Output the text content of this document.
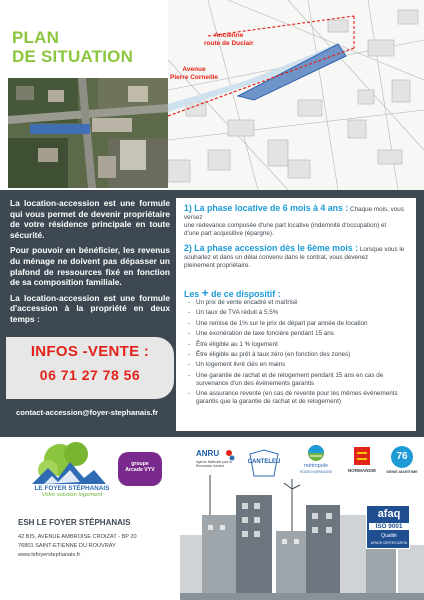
PLAN
DE SITUATION
Ancienne
route de Duclair
Avenue
Pierre Corneille

La location-accession est une formule qui vous permet de devenir propriétaire de votre résidence principale en toute sécurité.

Pour pouvoir en bénéficier, les revenus du ménage ne doivent pas dépasser un plafond de ressources fixé en fonction de sa composition familiale.

La location-accession est une formule d'accession à la propriété en deux temps :

INFOS -VENTE :
06 71 27 78 56
contact-accession@foyer-stephanais.fr
1) La phase locative de 6 mois à 4 ans : Chaque mois, vous versez
une redevance composée d'une part locative (indemnité d'occupation) et
d'une part acquisitive (épargne).
2) La phase accession dès le 6ème mois : Lorsque vous le
souhaitez et dans un délai convenu dans le contrat, vous devenez
pleinement propriétaire.
Les + de ce dispositif :
- Un prix de vente encadré et maîtrisé
- Un taux de TVA réduit à 5.5%
- Une remise de 1% sur le prix de départ par année de location
- Une exonération de taxe foncière pendant 15 ans
- Être éligible au 1 % logement
- Être éligible au prêt à taux zéro (en fonction des zones)
- Un logement livré clés en mains
- Une garantie de rachat et de relogement pendant 15 ans en cas de survenance d'un des évènements garantis
- Une assurance revente (en cas de revente pour les mêmes évènements garantis que la garantie de rachat et de relogement)
LE FOYER STÉPHANAIS
Votre solution logement
groupe Arcade VYV
ANRU
Agence Nationale pour la Rénovation Urbaine
CANTELEU
métropole
ROUEN NORMANDIE	NORMANDIE
76
SEINE-MARITIME
ESH LE FOYER STÉPHANAIS
42 BIS, AVENUE AMBROISE CROIZAT - BP 20
76801 SAINT-ETIENNE DU ROUVRAY
www.lefoyerstephanais.fr
afaq
ISO 9001
Qualité
AFNOR CERTIFICATION
